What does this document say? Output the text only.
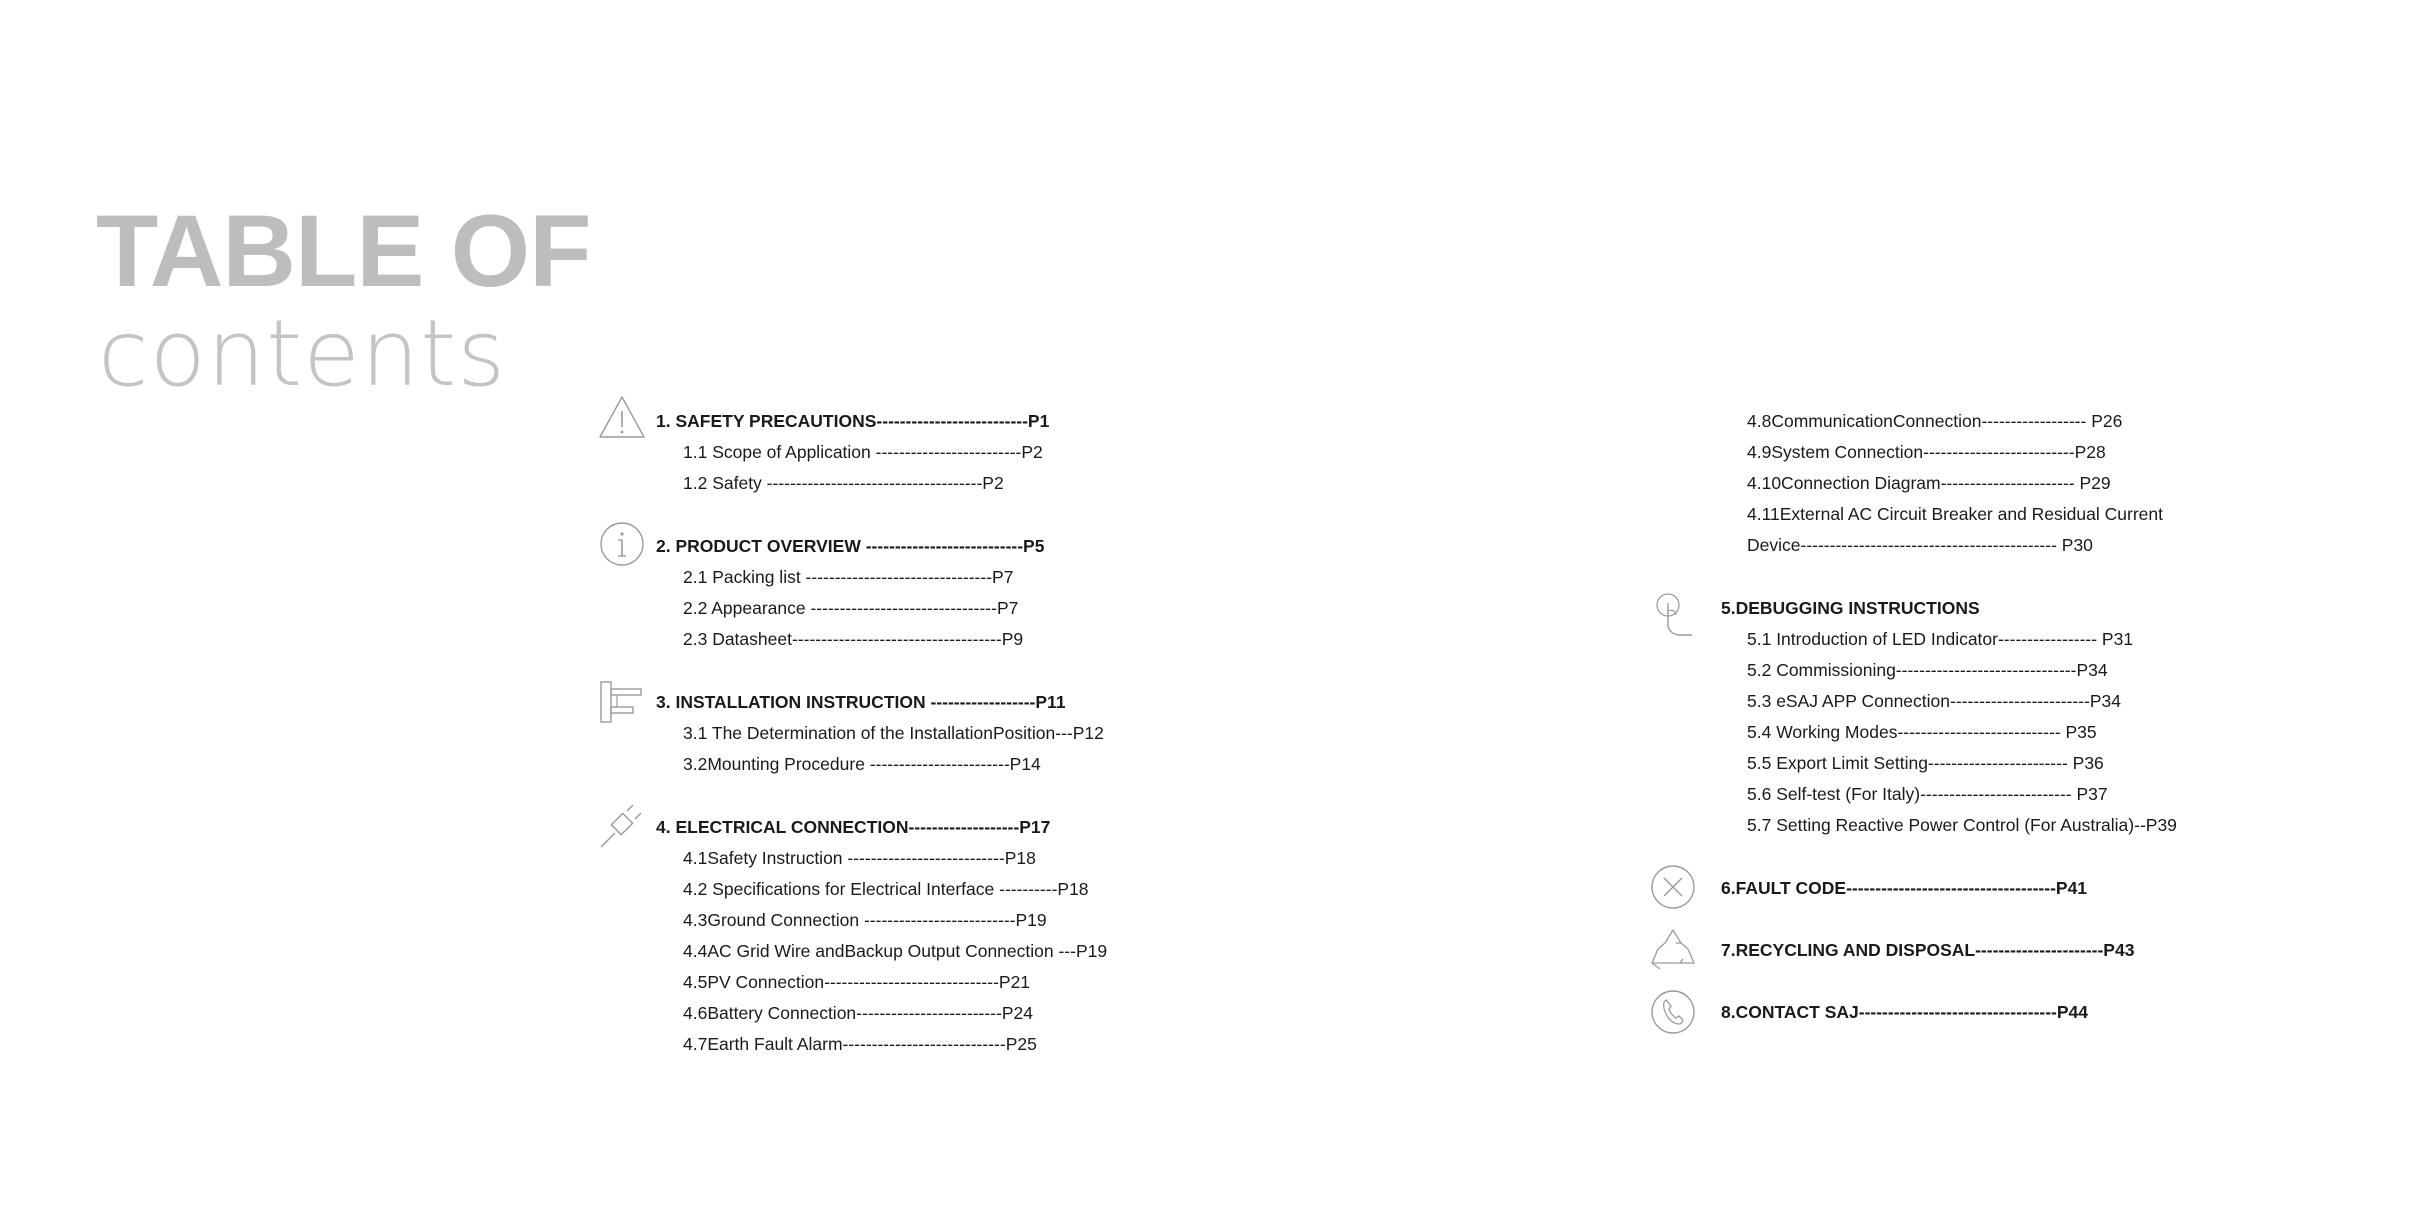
TABLE OF
contents
1. SAFETY PRECAUTIONS--------------------------P1
1.1 Scope of Application -------------------------P2
1.2 Safety -------------------------------------P2
2. PRODUCT OVERVIEW ---------------------------P5
2.1 Packing list --------------------------------P7
2.2 Appearance --------------------------------P7
2.3 Datasheet------------------------------------P9
3. INSTALLATION INSTRUCTION ------------------P11
3.1 The Determination of the InstallationPosition---P12
3.2Mounting Procedure ------------------------P14
4. ELECTRICAL CONNECTION-------------------P17
4.1Safety Instruction ---------------------------P18
4.2 Specifications for Electrical Interface ----------P18
4.3Ground Connection --------------------------P19
4.4AC Grid Wire andBackup Output Connection ---P19
4.5PV Connection------------------------------P21
4.6Battery Connection-------------------------P24
4.7Earth Fault Alarm----------------------------P25
4.8CommunicationConnection------------------ P26
4.9System Connection--------------------------P28
4.10Connection Diagram----------------------- P29
4.11External AC Circuit Breaker and Residual Current
Device-------------------------------------------- P30
5.DEBUGGING INSTRUCTIONS
5.1 Introduction of LED Indicator----------------- P31
5.2 Commissioning-------------------------------P34
5.3 eSAJ APP Connection------------------------P34
5.4 Working Modes---------------------------- P35
5.5 Export Limit Setting------------------------ P36
5.6 Self-test (For Italy)-------------------------- P37
5.7 Setting Reactive Power Control (For Australia)--P39
6.FAULT CODE------------------------------------P41
7.RECYCLING AND DISPOSAL----------------------P43
8.CONTACT SAJ----------------------------------P44
